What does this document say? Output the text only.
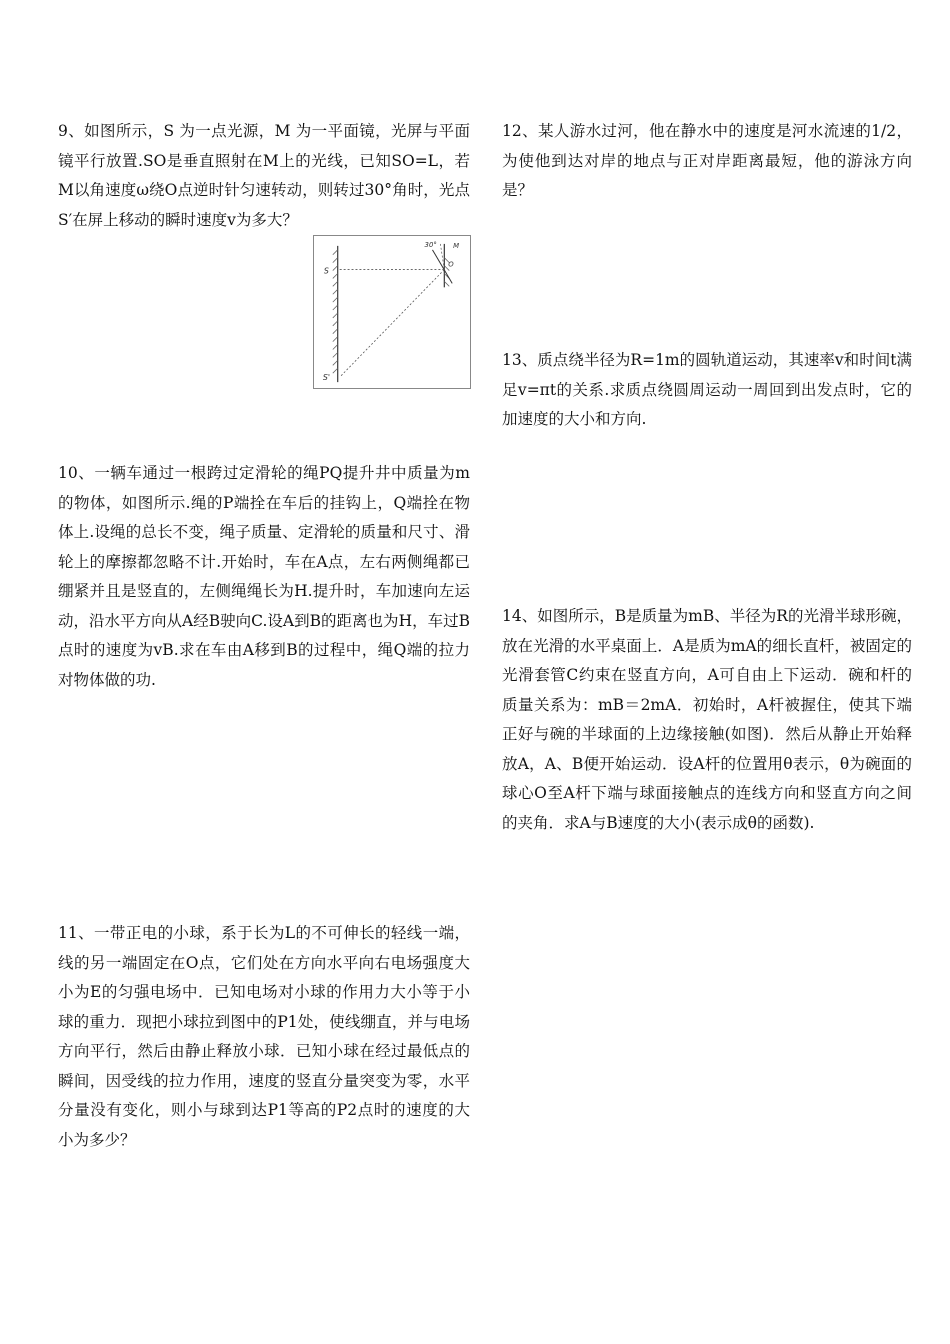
9、如图所示，S 为一点光源，M 为一平面镜，光屏与平面镜平行放置.SO是垂直照射在M上的光线，已知SO=L，若M以角速度ω绕O点逆时针匀速转动，则转过30°角时，光点S′在屏上移动的瞬时速度v为多大？

S
S'
30°
O
M

10、一辆车通过一根跨过定滑轮的绳PQ提升井中质量为m的物体，如图所示.绳的P端拴在车后的挂钩上，Q端拴在物体上.设绳的总长不变，绳子质量、定滑轮的质量和尺寸、滑轮上的摩擦都忽略不计.开始时，车在A点，左右两侧绳都已绷紧并且是竖直的，左侧绳绳长为H.提升时，车加速向左运动，沿水平方向从A经B驶向C.设A到B的距离也为H，车过B点时的速度为vB.求在车由A移到B的过程中，绳Q端的拉力对物体做的功.

11、一带正电的小球，系于长为L的不可伸长的轻线一端，线的另一端固定在O点，它们处在方向水平向右电场强度大小为E的匀强电场中．已知电场对小球的作用力大小等于小球的重力．现把小球拉到图中的P1处，使线绷直，并与电场方向平行，然后由静止释放小球．已知小球在经过最低点的瞬间，因受线的拉力作用，速度的竖直分量突变为零，水平分量没有变化，则小与球到达P1等高的P2点时的速度的大小为多少？

12、某人游水过河，他在静水中的速度是河水流速的1/2，为使他到达对岸的地点与正对岸距离最短，他的游泳方向是？

13、质点绕半径为R=1m的圆轨道运动，其速率v和时间t满足v=πt的关系.求质点绕圆周运动一周回到出发点时，它的加速度的大小和方向.

14、如图所示，B是质量为mB、半径为R的光滑半球形碗，放在光滑的水平桌面上．A是质为mA的细长直杆，被固定的光滑套管C约束在竖直方向，A可自由上下运动．碗和杆的质量关系为：mB＝2mA．初始时，A杆被握住，使其下端正好与碗的半球面的上边缘接触(如图)．然后从静止开始释放A，A、B便开始运动．设A杆的位置用θ表示，θ为碗面的球心O至A杆下端与球面接触点的连线方向和竖直方向之间的夹角．求A与B速度的大小(表示成θ的函数).
